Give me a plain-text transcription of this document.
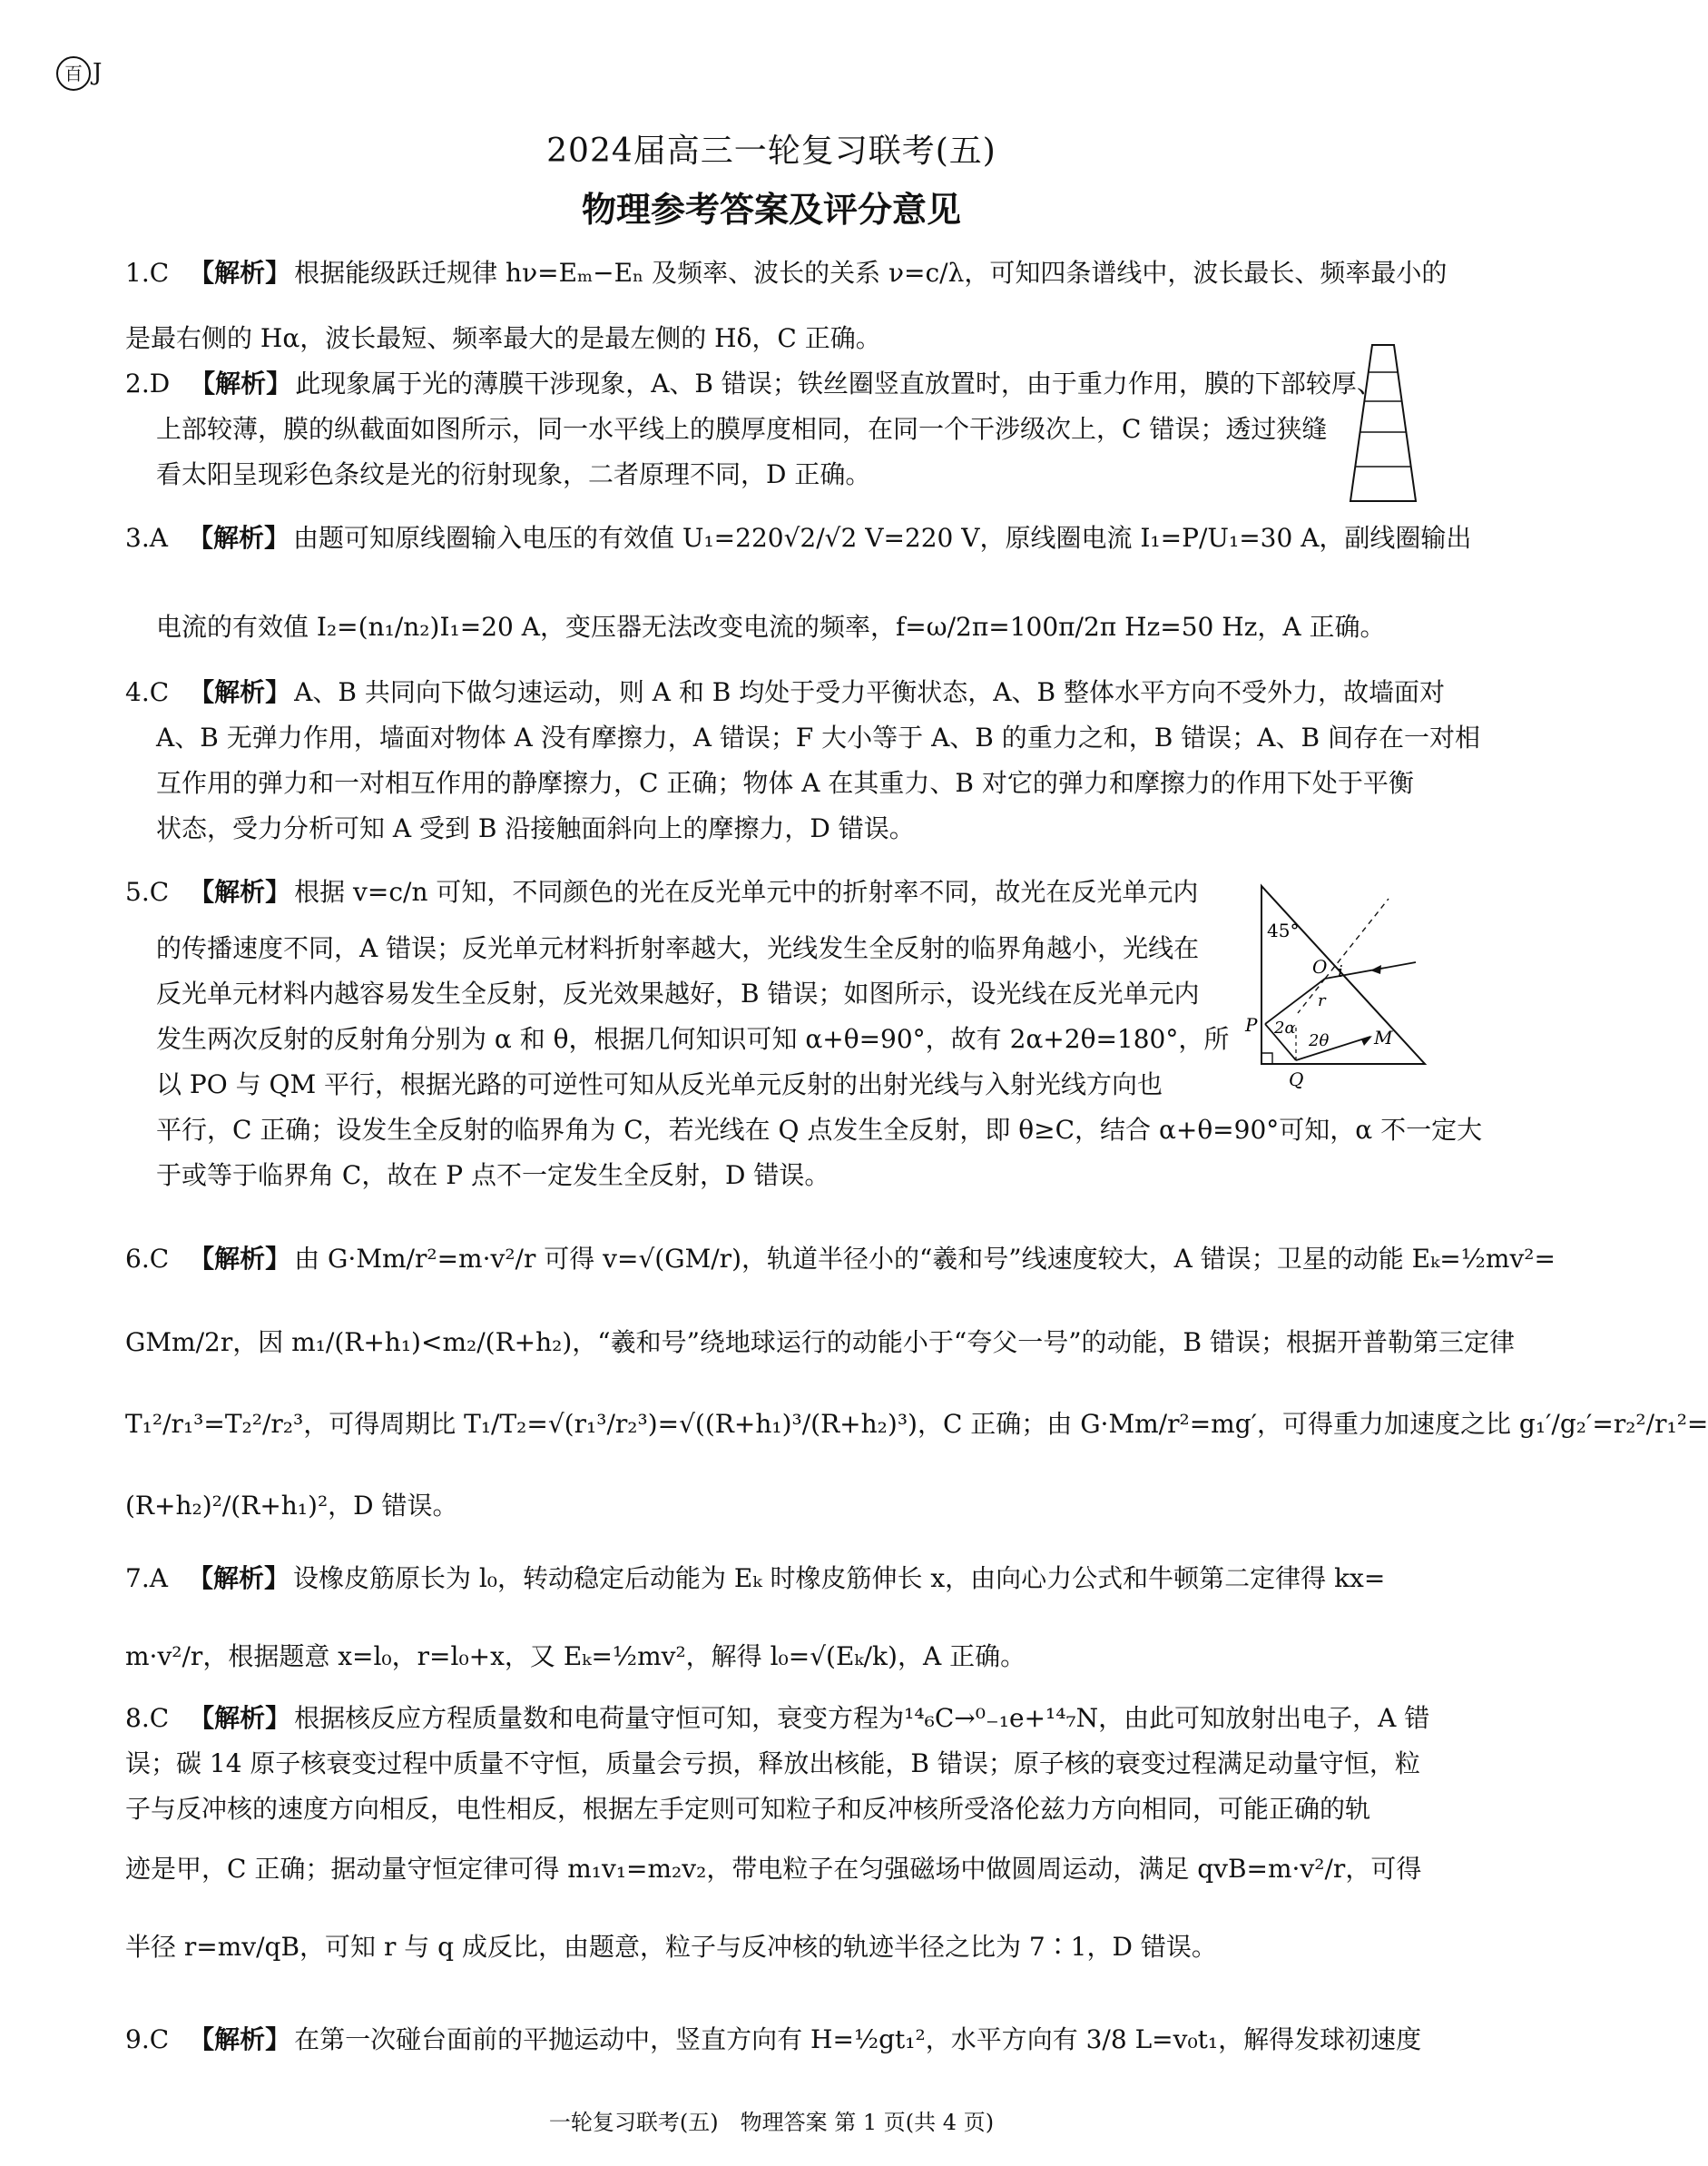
百 J
2024届高三一轮复习联考(五)
物理参考答案及评分意见

1.C 【解析】 根据能级跃迁规律 hν=Eₘ−Eₙ 及频率、波长的关系 ν=c/λ，可知四条谱线中，波长最长、频率最小的

是最右侧的 Hα，波长最短、频率最大的是最左侧的 Hδ，C 正确。

2.D 【解析】 此现象属于光的薄膜干涉现象，A、B 错误；铁丝圈竖直放置时，由于重力作用，膜的下部较厚、

上部较薄，膜的纵截面如图所示，同一水平线上的膜厚度相同，在同一个干涉级次上，C 错误；透过狭缝

看太阳呈现彩色条纹是光的衍射现象，二者原理不同，D 正确。

3.A 【解析】 由题可知原线圈输入电压的有效值 U₁=220√2/√2 V=220 V，原线圈电流 I₁=P/U₁=30 A，副线圈输出

电流的有效值 I₂=(n₁/n₂)I₁=20 A，变压器无法改变电流的频率，f=ω/2π=100π/2π Hz=50 Hz，A 正确。

4.C 【解析】 A、B 共同向下做匀速运动，则 A 和 B 均处于受力平衡状态，A、B 整体水平方向不受外力，故墙面对

A、B 无弹力作用，墙面对物体 A 没有摩擦力，A 错误；F 大小等于 A、B 的重力之和，B 错误；A、B 间存在一对相

互作用的弹力和一对相互作用的静摩擦力，C 正确；物体 A 在其重力、B 对它的弹力和摩擦力的作用下处于平衡

状态，受力分析可知 A 受到 B 沿接触面斜向上的摩擦力，D 错误。

5.C 【解析】 根据 v=c/n 可知，不同颜色的光在反光单元中的折射率不同，故光在反光单元内

的传播速度不同，A 错误；反光单元材料折射率越大，光线发生全反射的临界角越小，光线在

反光单元材料内越容易发生全反射，反光效果越好，B 错误；如图所示，设光线在反光单元内

发生两次反射的反射角分别为 α 和 θ，根据几何知识可知 α+θ=90°，故有 2α+2θ=180°，所

以 PO 与 QM 平行，根据光路的可逆性可知从反光单元反射的出射光线与入射光线方向也

平行，C 正确；设发生全反射的临界角为 C，若光线在 Q 点发生全反射，即 θ≥C，结合 α+θ=90°可知，α 不一定大

于或等于临界角 C，故在 P 点不一定发生全反射，D 错误。

45°
O i
r
P 2α
2θ M
Q

6.C 【解析】 由 G·Mm/r²=m·v²/r 可得 v=√(GM/r)，轨道半径小的“羲和号”线速度较大，A 错误；卫星的动能 Eₖ=½mv²=

GMm/2r，因 m₁/(R+h₁)<m₂/(R+h₂)，“羲和号”绕地球运行的动能小于“夸父一号”的动能，B 错误；根据开普勒第三定律

T₁²/r₁³=T₂²/r₂³，可得周期比 T₁/T₂=√(r₁³/r₂³)=√((R+h₁)³/(R+h₂)³)，C 正确；由 G·Mm/r²=mg′，可得重力加速度之比 g₁′/g₂′=r₂²/r₁²=

(R+h₂)²/(R+h₁)²，D 错误。

7.A 【解析】 设橡皮筋原长为 l₀，转动稳定后动能为 Eₖ 时橡皮筋伸长 x，由向心力公式和牛顿第二定律得 kx=

m·v²/r，根据题意 x=l₀，r=l₀+x，又 Eₖ=½mv²，解得 l₀=√(Eₖ/k)，A 正确。

8.C 【解析】 根据核反应方程质量数和电荷量守恒可知，衰变方程为¹⁴₆C→⁰₋₁e+¹⁴₇N，由此可知放射出电子，A 错

误；碳 14 原子核衰变过程中质量不守恒，质量会亏损，释放出核能，B 错误；原子核的衰变过程满足动量守恒，粒

子与反冲核的速度方向相反，电性相反，根据左手定则可知粒子和反冲核所受洛伦兹力方向相同，可能正确的轨

迹是甲，C 正确；据动量守恒定律可得 m₁v₁=m₂v₂，带电粒子在匀强磁场中做圆周运动，满足 qvB=m·v²/r，可得

半径 r=mv/qB，可知 r 与 q 成反比，由题意，粒子与反冲核的轨迹半径之比为 7∶1，D 错误。

9.C 【解析】 在第一次碰台面前的平抛运动中，竖直方向有 H=½gt₁²，水平方向有 3/8 L=v₀t₁，解得发球初速度

一轮复习联考(五)　物理答案 第 1 页(共 4 页)
